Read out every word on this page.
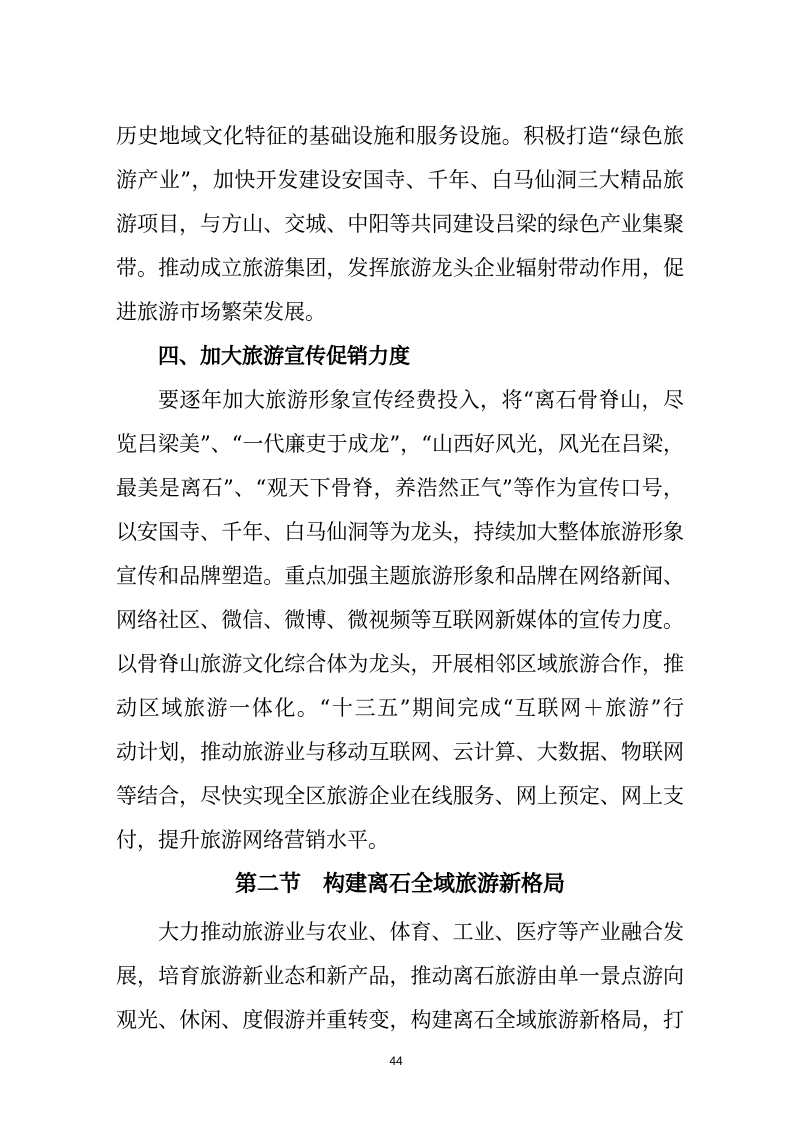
历史地域文化特征的基础设施和服务设施。积极打造“绿色旅
游产业”，加快开发建设安国寺、千年、白马仙洞三大精品旅
游项目，与方山、交城、中阳等共同建设吕梁的绿色产业集聚
带。推动成立旅游集团，发挥旅游龙头企业辐射带动作用，促
进旅游市场繁荣发展。
四、加大旅游宣传促销力度
要逐年加大旅游形象宣传经费投入，将“离石骨脊山，尽
览吕梁美”、“一代廉吏于成龙”，“山西好风光，风光在吕梁，
最美是离石”、“观天下骨脊，养浩然正气”等作为宣传口号，
以安国寺、千年、白马仙洞等为龙头，持续加大整体旅游形象
宣传和品牌塑造。重点加强主题旅游形象和品牌在网络新闻、
网络社区、微信、微博、微视频等互联网新媒体的宣传力度。
以骨脊山旅游文化综合体为龙头，开展相邻区域旅游合作，推
动区域旅游一体化。“十三五”期间完成“互联网＋旅游”行
动计划，推动旅游业与移动互联网、云计算、大数据、物联网
等结合，尽快实现全区旅游企业在线服务、网上预定、网上支
付，提升旅游网络营销水平。
第二节　构建离石全域旅游新格局
大力推动旅游业与农业、体育、工业、医疗等产业融合发
展，培育旅游新业态和新产品，推动离石旅游由单一景点游向
观光、休闲、度假游并重转变，构建离石全域旅游新格局，打
44
